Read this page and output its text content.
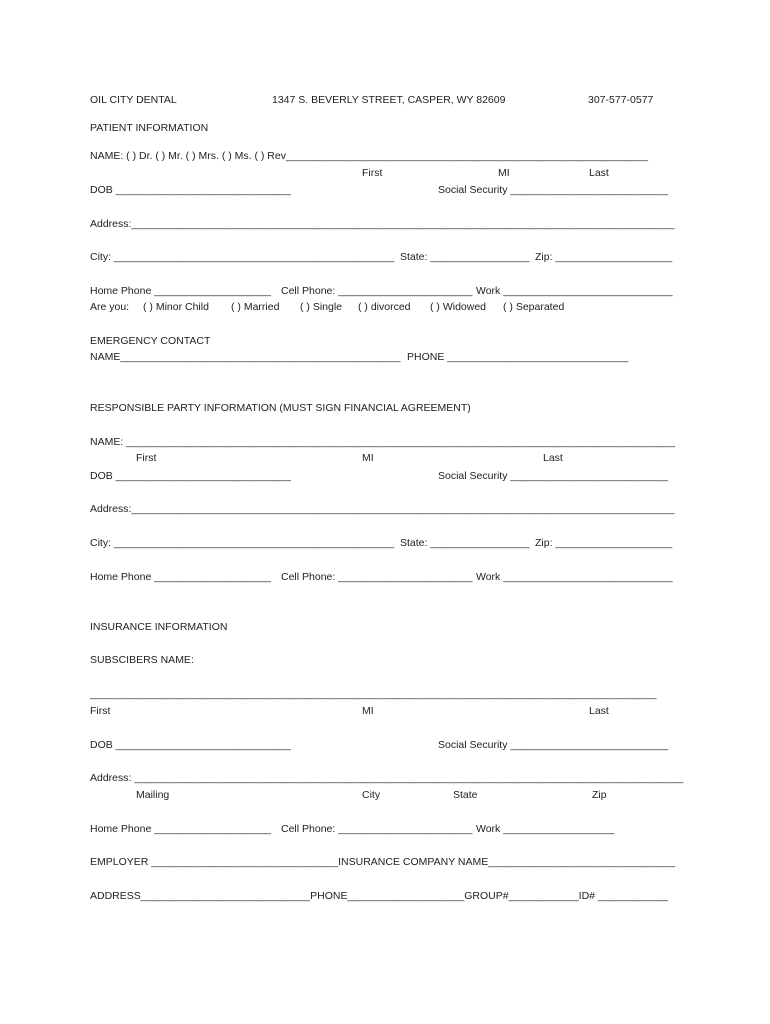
OIL CITY DENTAL	1347 S. BEVERLY STREET, CASPER, WY 82609	307-577-0577
PATIENT INFORMATION
NAME: ( ) Dr. ( ) Mr. ( ) Mrs. ( ) Ms. ( ) Rev______________________________________________________________
First	MI	Last
DOB ______________________________	Social Security ___________________________
Address:_____________________________________________________________________________________________
City: ________________________________________________ State: _________________ Zip: ____________________
Home Phone ____________________ Cell Phone: _______________________ Work _____________________________
Are you: ( ) Minor Child ( ) Married ( ) Single ( ) divorced ( ) Widowed ( ) Separated
EMERGENCY CONTACT
NAME________________________________________________ PHONE _______________________________
RESPONSIBLE PARTY INFORMATION (MUST SIGN FINANCIAL AGREEMENT)
NAME: ______________________________________________________________________________________________
First	MI	Last
DOB ______________________________	Social Security ___________________________
Address:_____________________________________________________________________________________________
City: ________________________________________________ State: _________________ Zip: ____________________
Home Phone ____________________ Cell Phone: _______________________ Work _____________________________
INSURANCE INFORMATION
SUBSCIBERS NAME:
_________________________________________________________________________________________________
First	MI	Last
DOB ______________________________	Social Security ___________________________
Address: ______________________________________________________________________________________________
Mailing	City	State	Zip
Home Phone ____________________ Cell Phone: _______________________ Work ___________________
EMPLOYER ________________________________INSURANCE COMPANY NAME________________________________
ADDRESS_____________________________PHONE____________________GROUP#____________ID# ____________
